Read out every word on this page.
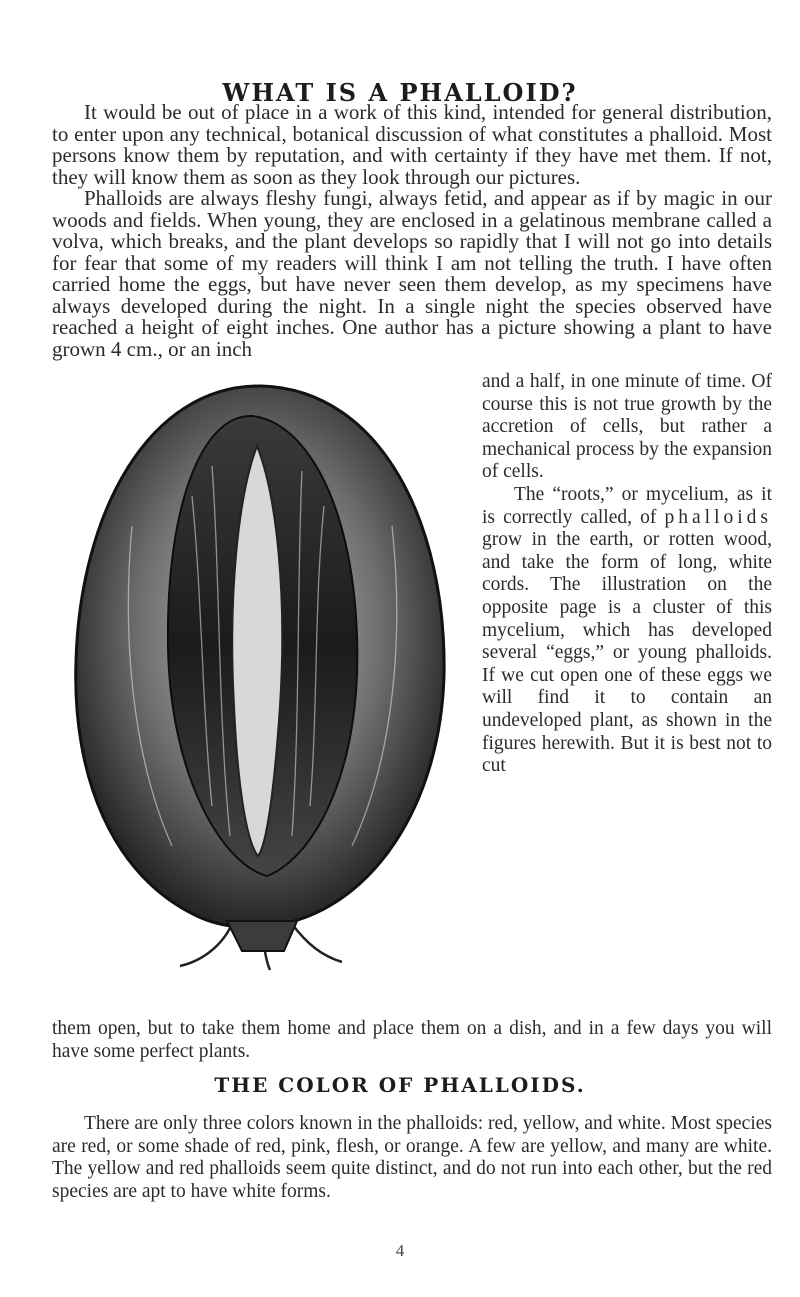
WHAT IS A PHALLOID?

It would be out of place in a work of this kind, intended for general distribution, to enter upon any technical, botanical discussion of what constitutes a phalloid. Most persons know them by reputation, and with certainty if they have met them. If not, they will know them as soon as they look through our pictures.

Phalloids are always fleshy fungi, always fetid, and appear as if by magic in our woods and fields. When young, they are enclosed in a gelatinous membrane called a volva, which breaks, and the plant develops so rapidly that I will not go into details for fear that some of my readers will think I am not telling the truth. I have often carried home the eggs, but have never seen them develop, as my specimens have always developed during the night. In a single night the species observed have reached a height of eight inches. One author has a picture showing a plant to have grown 4 cm., or an inch

and a half, in one minute of time. Of course this is not true growth by the accretion of cells, but rather a mechanical process by the expansion of cells.

The “roots,” or mycelium, as it is correctly called, of phalloids grow in the earth, or rotten wood, and take the form of long, white cords. The illustration on the opposite page is a cluster of this mycelium, which has developed several “eggs,” or young phalloids. If we cut open one of these eggs we will find it to contain an undeveloped plant, as shown in the figures herewith. But it is best not to cut

them open, but to take them home and place them on a dish, and in a few days you will have some perfect plants.

THE COLOR OF PHALLOIDS.

There are only three colors known in the phalloids: red, yellow, and white. Most species are red, or some shade of red, pink, flesh, or orange. A few are yellow, and many are white. The yellow and red phalloids seem quite distinct, and do not run into each other, but the red species are apt to have white forms.

4
